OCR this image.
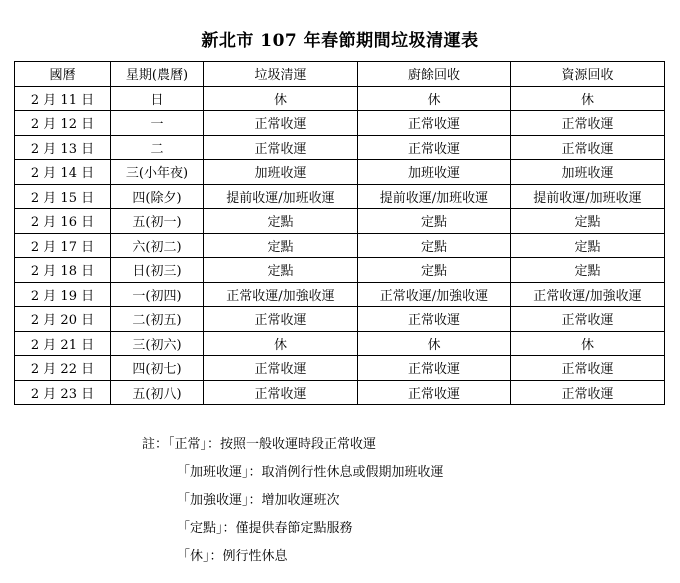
新北市 107 年春節期間垃圾清運表
國曆	星期(農曆)	垃圾清運	廚餘回收	資源回收
2 月 11 日	日	休	休	休
2 月 12 日	一	正常收運	正常收運	正常收運
2 月 13 日	二	正常收運	正常收運	正常收運
2 月 14 日	三(小年夜)	加班收運	加班收運	加班收運
2 月 15 日	四(除夕)	提前收運/加班收運	提前收運/加班收運	提前收運/加班收運
2 月 16 日	五(初一)	定點	定點	定點
2 月 17 日	六(初二)	定點	定點	定點
2 月 18 日	日(初三)	定點	定點	定點
2 月 19 日	一(初四)	正常收運/加強收運	正常收運/加強收運	正常收運/加強收運
2 月 20 日	二(初五)	正常收運	正常收運	正常收運
2 月 21 日	三(初六)	休	休	休
2 月 22 日	四(初七)	正常收運	正常收運	正常收運
2 月 23 日	五(初八)	正常收運	正常收運	正常收運
註：「正常」：按照一般收運時段正常收運
「加班收運」：取消例行性休息或假期加班收運
「加強收運」：增加收運班次
「定點」：僅提供春節定點服務
「休」：例行性休息
